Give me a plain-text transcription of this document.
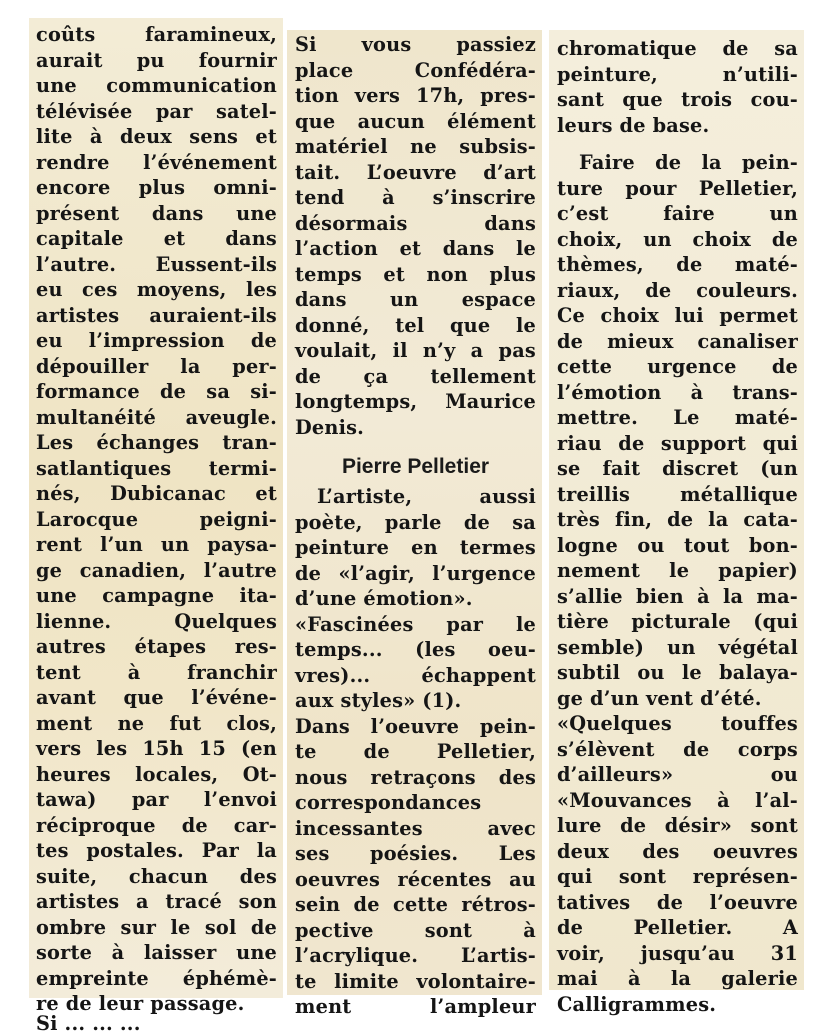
coûts faramineux,
aurait pu fournir
une communication
télévisée par satel-
lite à deux sens et
rendre l’événement
encore plus omni-
présent dans une
capitale et dans
l’autre. Eussent-ils
eu ces moyens, les
artistes auraient-ils
eu l’impression de
dépouiller la per-
formance de sa si-
multanéité aveugle.
Les échanges tran-
satlantiques termi-
nés, Dubicanac et
Larocque peigni-
rent l’un un paysa-
ge canadien, l’autre
une campagne ita-
lienne. Quelques
autres étapes res-
tent à franchir
avant que l’événe-
ment ne fut clos,
vers les 15h 15 (en
heures locales, Ot-
tawa) par l’envoi
réciproque de car-
tes postales. Par la
suite, chacun des
artistes a tracé son
ombre sur le sol de
sorte à laisser une
empreinte éphémè-
re de leur passage.
Si ... ... ...
Si vous passiez
place Confédéra-
tion vers 17h, pres-
que aucun élément
matériel ne subsis-
tait. L’oeuvre d’art
tend à s’inscrire
désormais dans
l’action et dans le
temps et non plus
dans un espace
donné, tel que le
voulait, il n’y a pas
de ça tellement
longtemps, Maurice
Denis.
Pierre Pelletier
L’artiste, aussi
poète, parle de sa
peinture en termes
de «l’agir, l’urgence
d’une émotion».
«Fascinées par le
temps... (les oeu-
vres)... échappent
aux styles» (1).
Dans l’oeuvre pein-
te de Pelletier,
nous retraçons des
correspondances
incessantes avec
ses poésies. Les
oeuvres récentes au
sein de cette rétros-
pective sont à
l’acrylique. L’artis-
te limite volontaire-
ment l’ampleur
chromatique de sa
peinture, n’utili-
sant que trois cou-
leurs de base.
Faire de la pein-
ture pour Pelletier,
c’est faire un
choix, un choix de
thèmes, de maté-
riaux, de couleurs.
Ce choix lui permet
de mieux canaliser
cette urgence de
l’émotion à trans-
mettre. Le maté-
riau de support qui
se fait discret (un
treillis métallique
très fin, de la cata-
logne ou tout bon-
nement le papier)
s’allie bien à la ma-
tière picturale (qui
semble) un végétal
subtil ou le balaya-
ge d’un vent d’été.
«Quelques touffes
s’élèvent de corps
d’ailleurs» ou
«Mouvances à l’al-
lure de désir» sont
deux des oeuvres
qui sont représen-
tatives de l’oeuvre
de Pelletier. A
voir, jusqu’au 31
mai à la galerie
Calligrammes.
